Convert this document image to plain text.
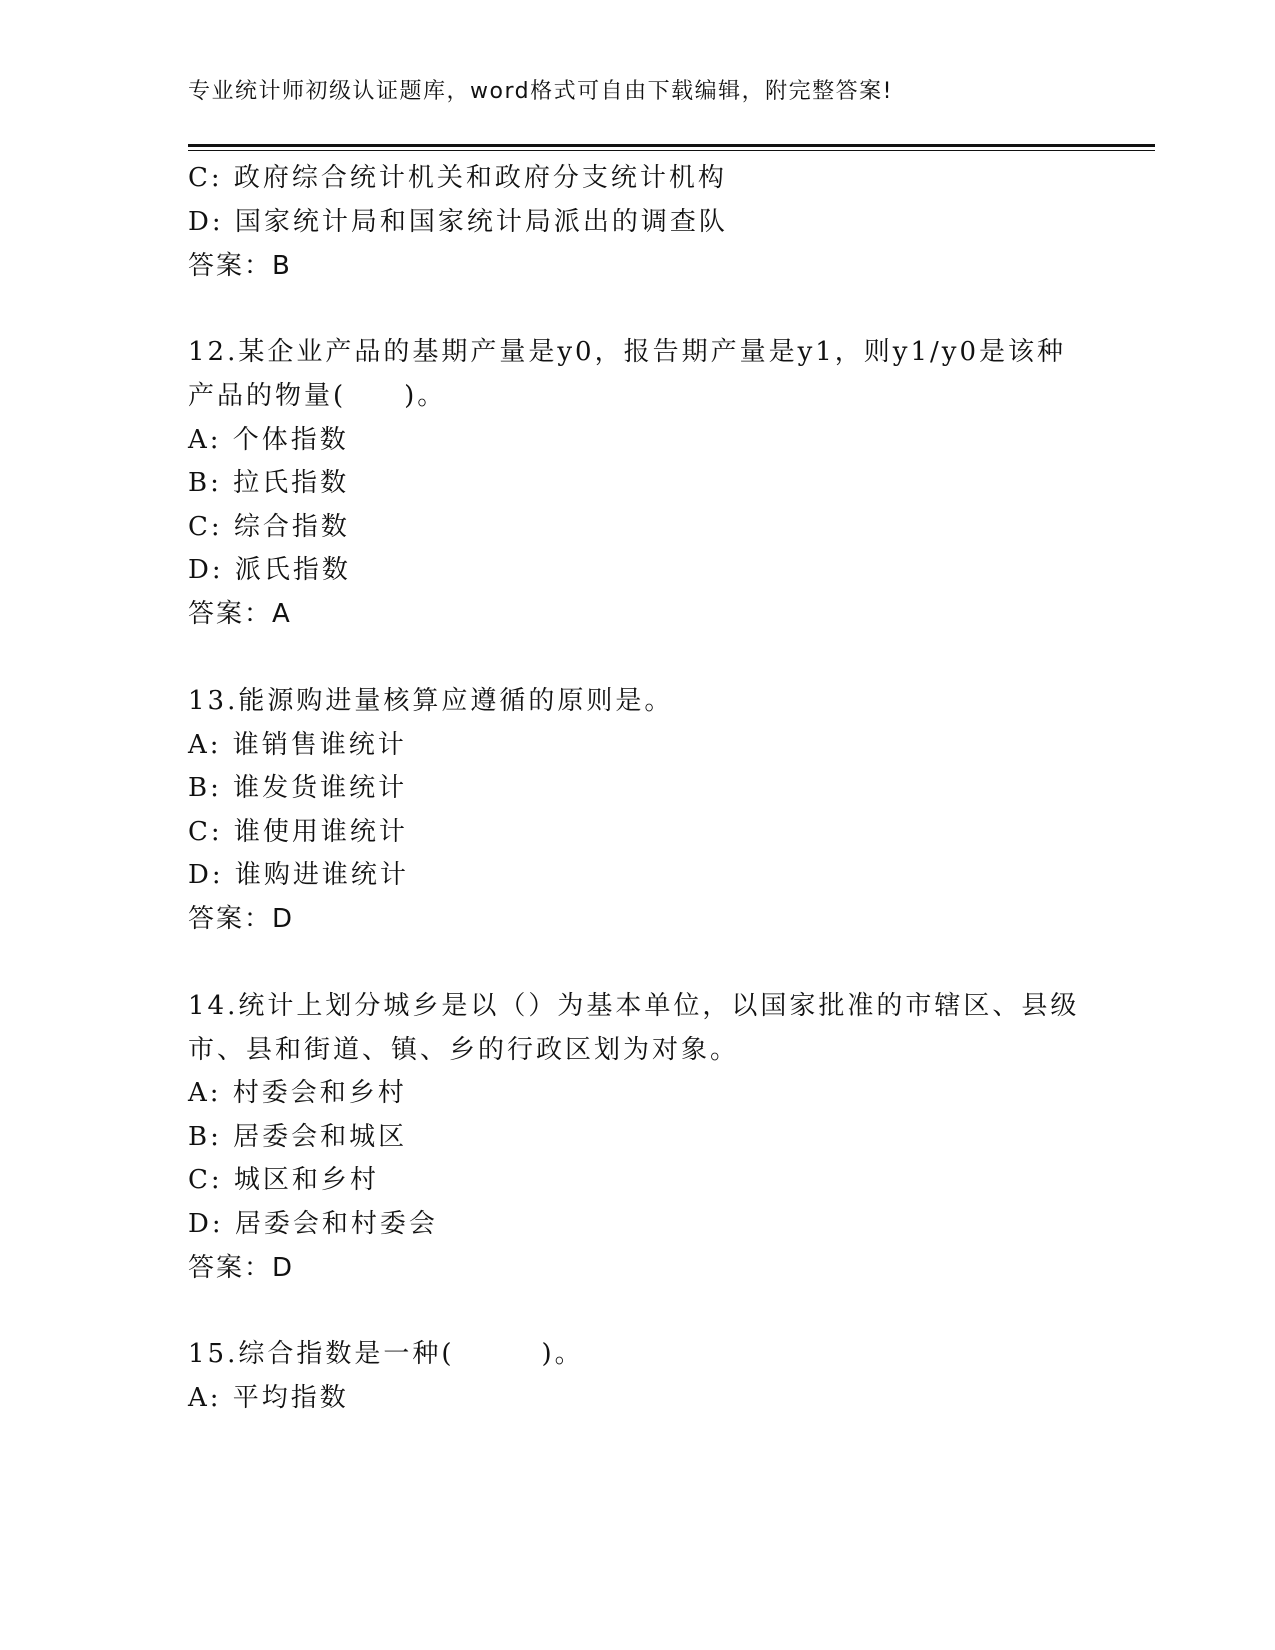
专业统计师初级认证题库，word格式可自由下载编辑，附完整答案!
C: 政府综合统计机关和政府分支统计机构
D: 国家统计局和国家统计局派出的调查队
答案：B
12.某企业产品的基期产量是y0，报告期产量是y1，则y1/y0是该种
产品的物量(　　)。
A: 个体指数
B: 拉氏指数
C: 综合指数
D: 派氏指数
答案：A
13.能源购进量核算应遵循的原则是。
A: 谁销售谁统计
B: 谁发货谁统计
C: 谁使用谁统计
D: 谁购进谁统计
答案：D
14.统计上划分城乡是以（）为基本单位，以国家批准的市辖区、县级
市、县和街道、镇、乡的行政区划为对象。
A: 村委会和乡村
B: 居委会和城区
C: 城区和乡村
D: 居委会和村委会
答案：D
15.综合指数是一种(　　　)。
A: 平均指数
